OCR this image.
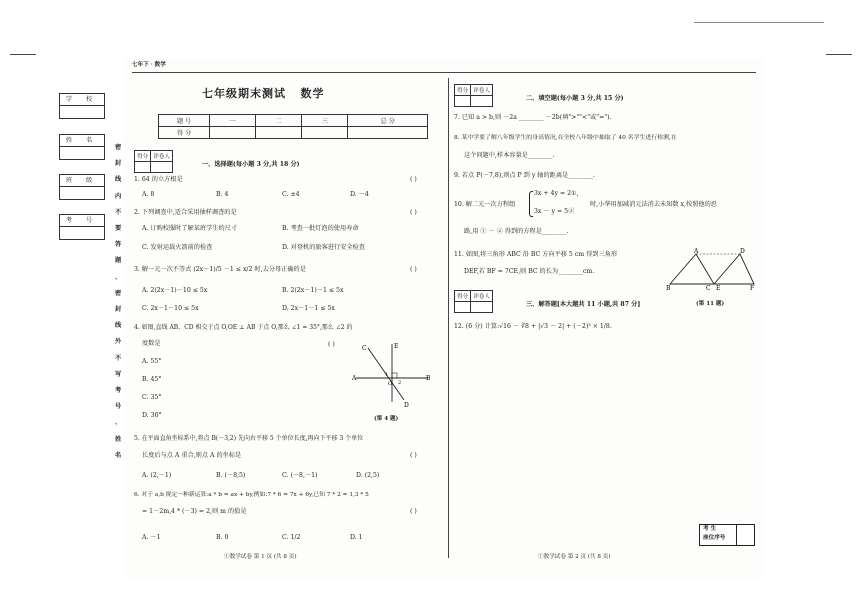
学 校
姓 名
班 级
考 号
密
封
线
内
不
要
答
题
、
密
封
线
外
不
写
考
号
、
姓
名
七年下 · 数学
七年级期末测试   数学
题 号	一	二	三	总 分
得 分				
得分	评卷人

一、选择题(每小题 3 分,共 18 分)
1. 64 的立方根是	( )
A. 8	B. 4	C. ±4	D. －4
2. 下列调查中,适合采用抽样调查的是	( )
A. 订购校服时了解某班学生的尺寸	B. 考查一批灯泡的使用寿命
C. 发射运载火箭前的检查	D. 对登机的旅客进行安全检查
3. 解一元一次不等式 (2x－1)/5 －1 ≤ x/2 时,去分母正确的是	( )
A. 2(2x－1)－10 ≤ 5x	B. 2(2x－1)－1 ≤ 5x
C. 2x－1－10 ≤ 5x	D. 2x－1－1 ≤ 5x
4. 如图,直线 AB、CD 相交于点 O,OE ⊥ AB 于点 O,那么 ∠1 = 35°,那么 ∠2 的
度数是	( )
A. 55°
B. 45°
C. 35°
D. 30°
C	E
A	B
O
D
1
2
(第 4 题)
5. 在平面直角坐标系中,将点 B(－3,2) 先向右平移 5 个单位长度,再向下平移 3 个单位
长度后与点 A 重合,则点 A 的坐标是	( )
A. (2,－1)	B. (－8,5)	C. (－8,－1)	D. (2,5)
6. 对于 a,b 规定一种新运算:a * b = ax + by,例如:7 * 6 = 7x + 6y,已知 7 * 2 = 1,3 * 5
= 1－2m,4 * (－3) = 2,则 m 的值是	( )
A. －1	B. 0	C. 1/2	D. 1
①数学试卷 第 1 页 (共 8 页)
得分	评卷人

二、填空题(每小题 3 分,共 15 分)
7. 已知 a > b,则 －2a ________ －2b(填">""<"或"=").
8. 某中学要了解八年级学生的身高情况,在全校八年级中抽取了 40 名学生进行检测,在
这个问题中,样本容量是________.
9. 若点 P(－7,8),则点 P 到 y 轴的距离是________.
10. 解二元一次方程组
3x + 4y = 2①,
3x － y = 5②
时,小华用加减消元法消去未知数 x,按照他的思
路,用 ① － ② 得到的方程是________.
11. 如图,将三角形 ABC 沿 BC 方向平移 5 cm 得到三角形
DEF,若 BF = 7CE,则 BC 的长为________cm.
A	D
B	C E	F
(第 11 题)
得分	评卷人

三、解答题[本大题共 11 小题,共 87 分]
12. (6 分) 计算:√16 － ∛8 + |√3 － 2| + (－2)³ × 1/8.
考 生
座位序号
①数学试卷 第 2 页 (共 8 页)
